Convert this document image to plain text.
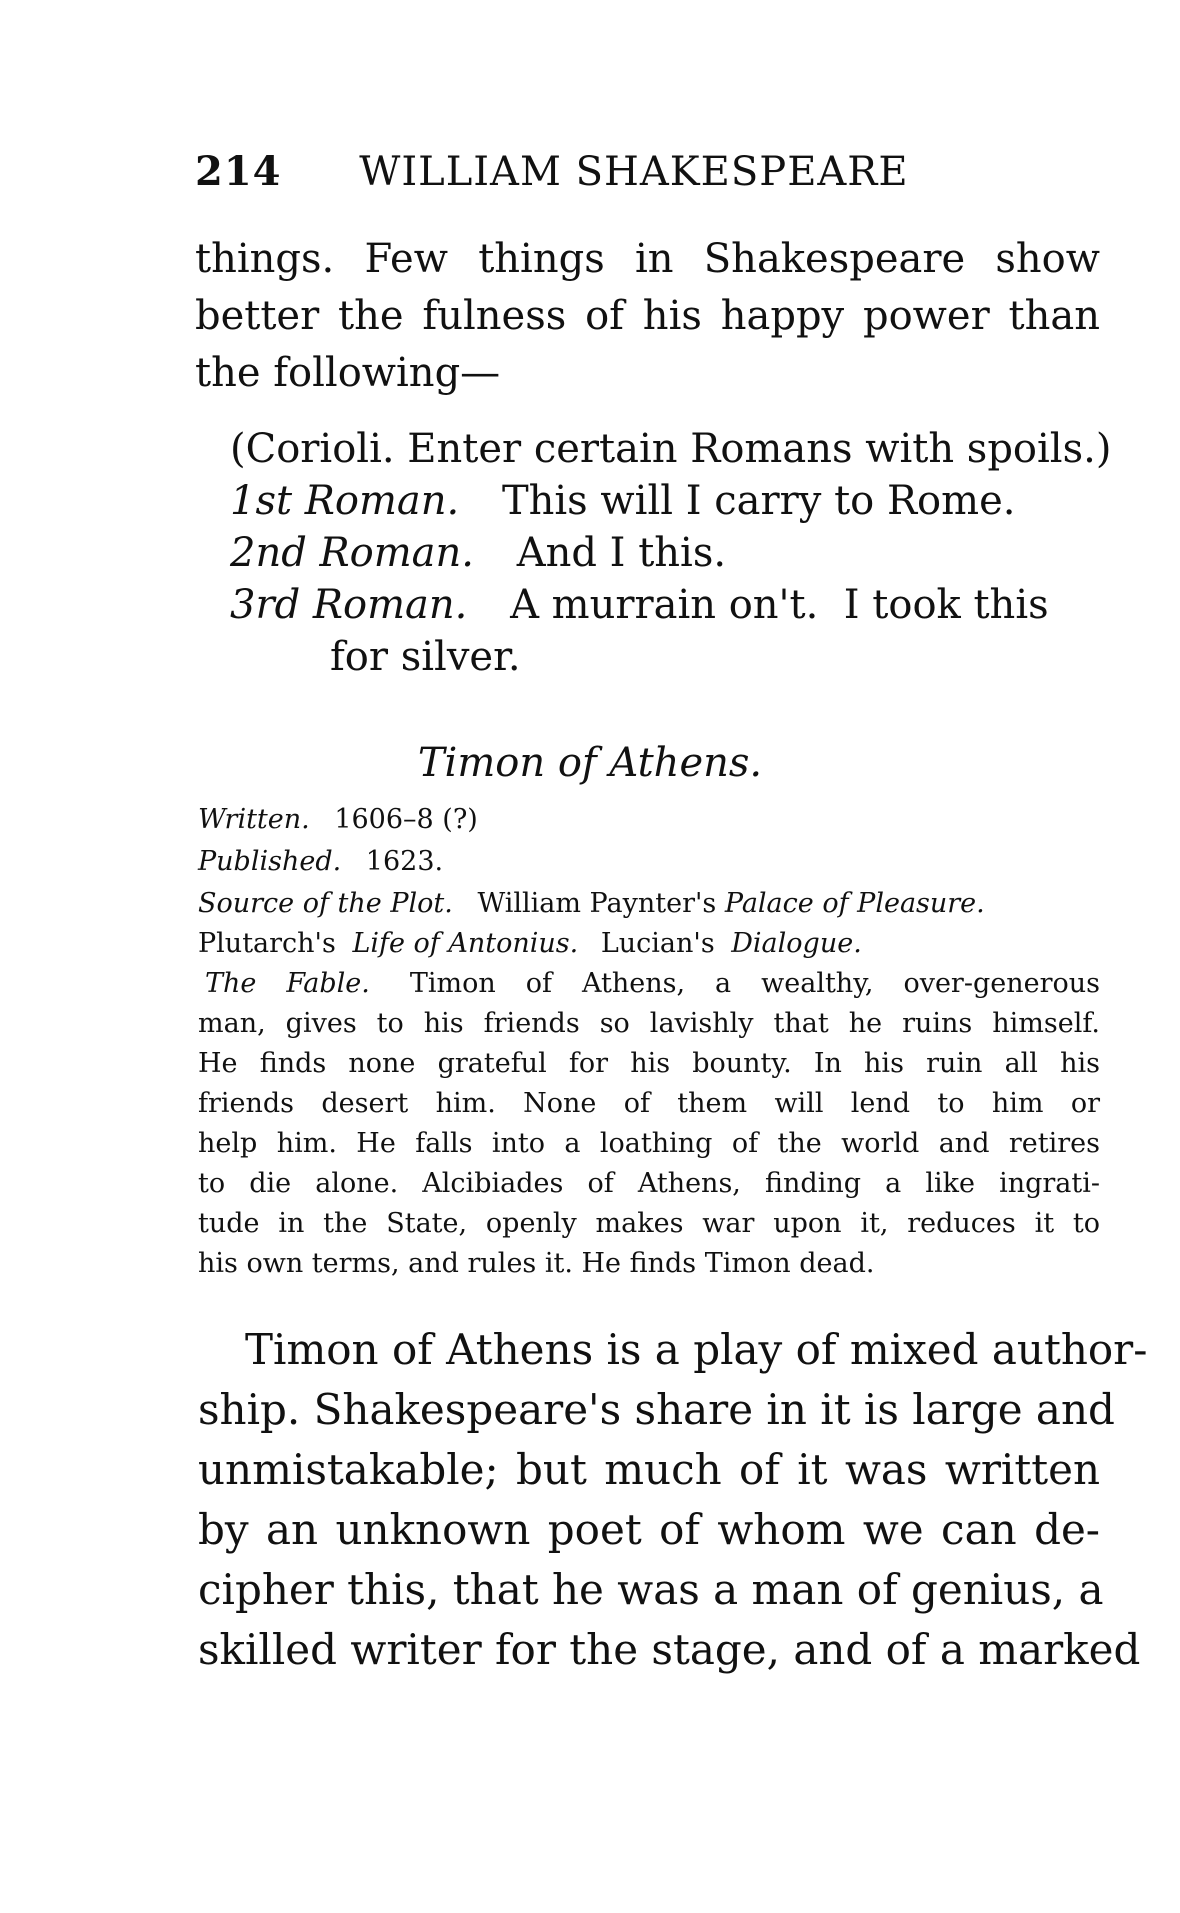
214 WILLIAM SHAKESPEARE
things. Few things in Shakespeare show
better the fulness of his happy power than
the following—
(Corioli. Enter certain Romans with spoils.)
1st Roman. This will I carry to Rome.
2nd Roman. And I this.
3rd Roman. A murrain on't.  I took this
for silver.
Timon of Athens.
Written. 1606–8 (?)
Published. 1623.
Source of the Plot. William Paynter's Palace of Pleasure.
Plutarch's Life of Antonius. Lucian's Dialogue.
The Fable. Timon of Athens, a wealthy, over-generous
man, gives to his friends so lavishly that he ruins himself.
He finds none grateful for his bounty. In his ruin all his
friends desert him. None of them will lend to him or
help him. He falls into a loathing of the world and retires
to die alone. Alcibiades of Athens, finding a like ingrati-
tude in the State, openly makes war upon it, reduces it to
his own terms, and rules it. He finds Timon dead.
Timon of Athens is a play of mixed author-
ship. Shakespeare's share in it is large and
unmistakable; but much of it was written
by an unknown poet of whom we can de-
cipher this, that he was a man of genius, a
skilled writer for the stage, and of a marked
